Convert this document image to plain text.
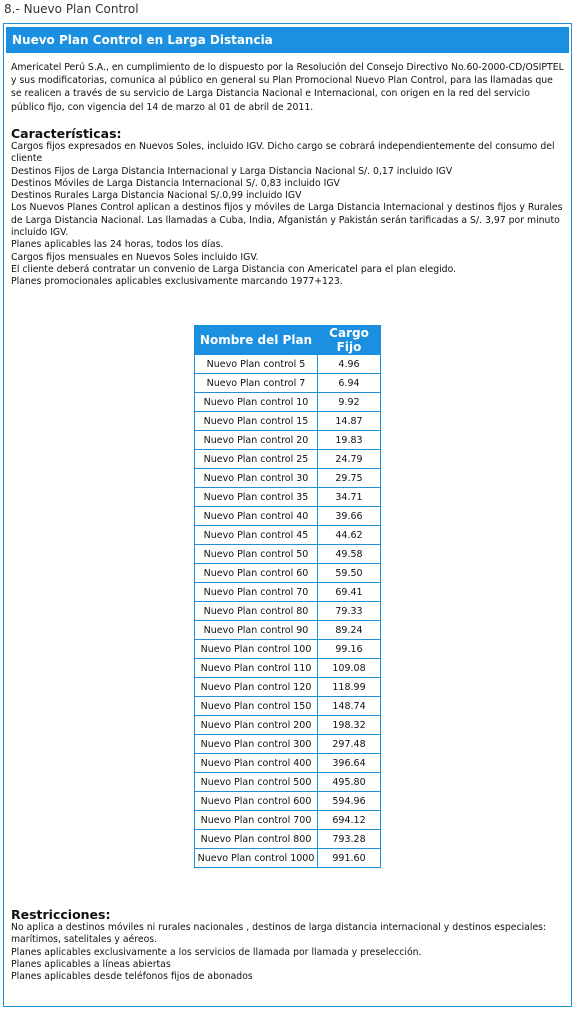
8.- Nuevo Plan Control
Nuevo Plan Control en Larga Distancia
Americatel Perú S.A., en cumplimiento de lo dispuesto por la Resolución del Consejo Directivo No.60-2000-CD/OSIPTEL y sus modificatorias, comunica al público en general su Plan Promocional Nuevo Plan Control, para las llamadas que se realicen a través de su servicio de Larga Distancia Nacional e Internacional, con origen en la red del servicio público fijo, con vigencia del 14 de marzo al 01 de abril de 2011.
Características:
Cargos fijos expresados en Nuevos Soles, incluido IGV. Dicho cargo se cobrará independientemente del consumo del cliente
Destinos Fijos de Larga Distancia Internacional y Larga Distancia Nacional S/. 0,17 incluido IGV
Destinos Móviles de Larga Distancia Internacional S/. 0,83 incluido IGV
Destinos Rurales Larga Distancia Nacional S/.0,99 incluido IGV
Los Nuevos Planes Control aplican a destinos fijos y móviles de Larga Distancia Internacional y destinos fijos y Rurales de Larga Distancia Nacional. Las llamadas a Cuba, India, Afganistán y Pakistán serán tarificadas a S/. 3,97 por minuto incluido IGV.
Planes aplicables las 24 horas, todos los días.
Cargos fijos mensuales en Nuevos Soles incluido IGV.
El cliente deberá contratar un convenio de Larga Distancia con Americatel para el plan elegido.
Planes promocionales aplicables exclusivamente marcando 1977+123.
Nombre del Plan	Cargo Fijo
Nuevo Plan control 5	4.96
Nuevo Plan control 7	6.94
Nuevo Plan control 10	9.92
Nuevo Plan control 15	14.87
Nuevo Plan control 20	19.83
Nuevo Plan control 25	24.79
Nuevo Plan control 30	29.75
Nuevo Plan control 35	34.71
Nuevo Plan control 40	39.66
Nuevo Plan control 45	44.62
Nuevo Plan control 50	49.58
Nuevo Plan control 60	59.50
Nuevo Plan control 70	69.41
Nuevo Plan control 80	79.33
Nuevo Plan control 90	89.24
Nuevo Plan control 100	99.16
Nuevo Plan control 110	109.08
Nuevo Plan control 120	118.99
Nuevo Plan control 150	148.74
Nuevo Plan control 200	198.32
Nuevo Plan control 300	297.48
Nuevo Plan control 400	396.64
Nuevo Plan control 500	495.80
Nuevo Plan control 600	594.96
Nuevo Plan control 700	694.12
Nuevo Plan control 800	793.28
Nuevo Plan control 1000	991.60
Restricciones:
No aplica a destinos móviles ni rurales nacionales , destinos de larga distancia internacional y destinos especiales: marítimos, satelitales y aéreos.
Planes aplicables exclusivamente a los servicios de llamada por llamada y preselección.
Planes aplicables a líneas abiertas
Planes aplicables desde teléfonos fijos de abonados
